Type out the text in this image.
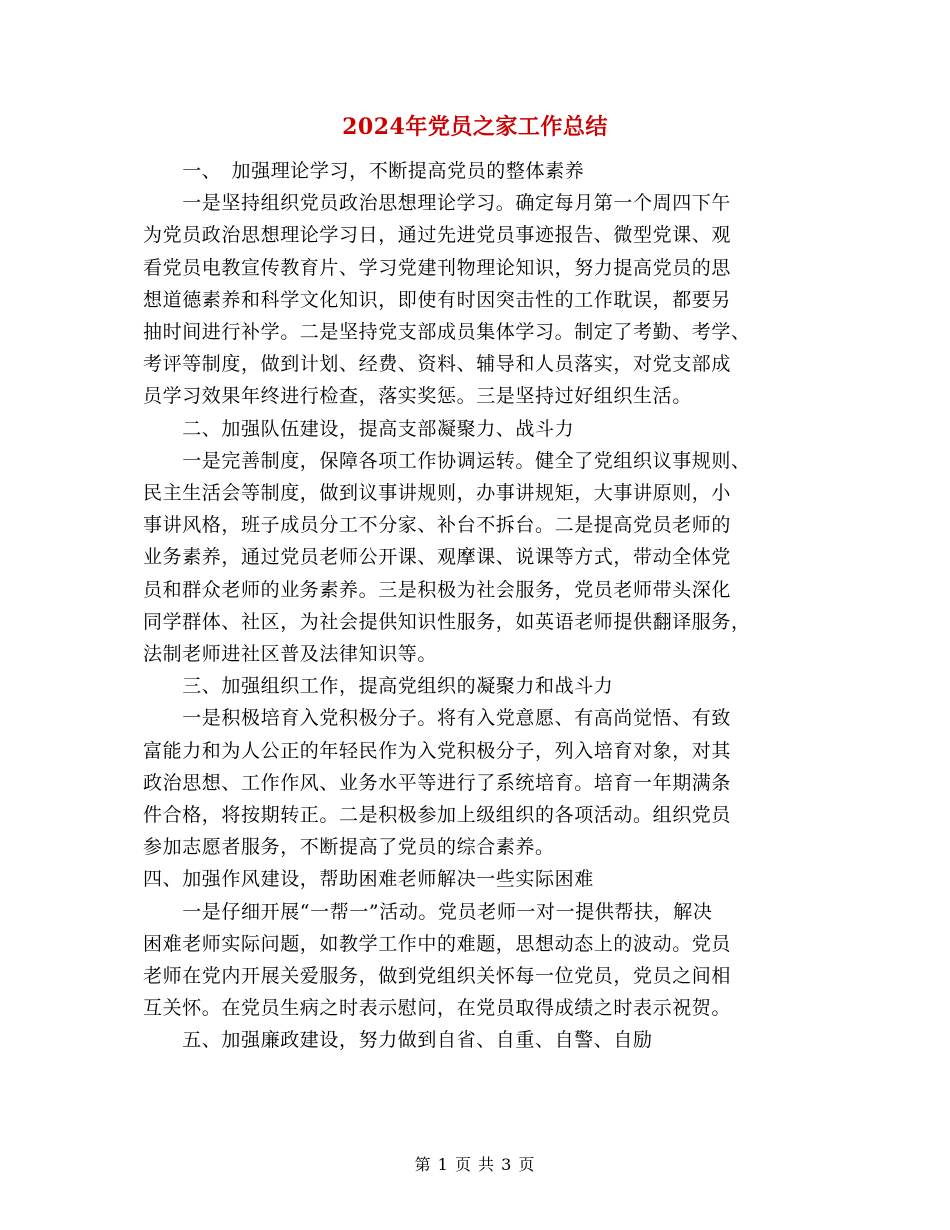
2024年党员之家工作总结
　　一、　加强理论学习，不断提高党员的整体素养
　　一是坚持组织党员政治思想理论学习。确定每月第一个周四下午
为党员政治思想理论学习日，通过先进党员事迹报告、微型党课、观
看党员电教宣传教育片、学习党建刊物理论知识，努力提高党员的思
想道德素养和科学文化知识，即使有时因突击性的工作耽误，都要另
抽时间进行补学。二是坚持党支部成员集体学习。制定了考勤、考学、
考评等制度，做到计划、经费、资料、辅导和人员落实，对党支部成
员学习效果年终进行检查，落实奖惩。三是坚持过好组织生活。
　　二、加强队伍建设，提高支部凝聚力、战斗力
　　一是完善制度，保障各项工作协调运转。健全了党组织议事规则、
民主生活会等制度，做到议事讲规则，办事讲规矩，大事讲原则，小
事讲风格，班子成员分工不分家、补台不拆台。二是提高党员老师的
业务素养，通过党员老师公开课、观摩课、说课等方式，带动全体党
员和群众老师的业务素养。三是积极为社会服务，党员老师带头深化
同学群体、社区，为社会提供知识性服务，如英语老师提供翻译服务，
法制老师进社区普及法律知识等。
　　三、加强组织工作，提高党组织的凝聚力和战斗力
　　一是积极培育入党积极分子。将有入党意愿、有高尚觉悟、有致
富能力和为人公正的年轻民作为入党积极分子，列入培育对象，对其
政治思想、工作作风、业务水平等进行了系统培育。培育一年期满条
件合格，将按期转正。二是积极参加上级组织的各项活动。组织党员
参加志愿者服务，不断提高了党员的综合素养。
四、加强作风建设，帮助困难老师解决一些实际困难
　　一是仔细开展“一帮一”活动。党员老师一对一提供帮扶，解决
困难老师实际问题，如教学工作中的难题，思想动态上的波动。党员
老师在党内开展关爱服务，做到党组织关怀每一位党员，党员之间相
互关怀。在党员生病之时表示慰问，在党员取得成绩之时表示祝贺。
　　五、加强廉政建设，努力做到自省、自重、自警、自励
第 1 页 共 3 页
